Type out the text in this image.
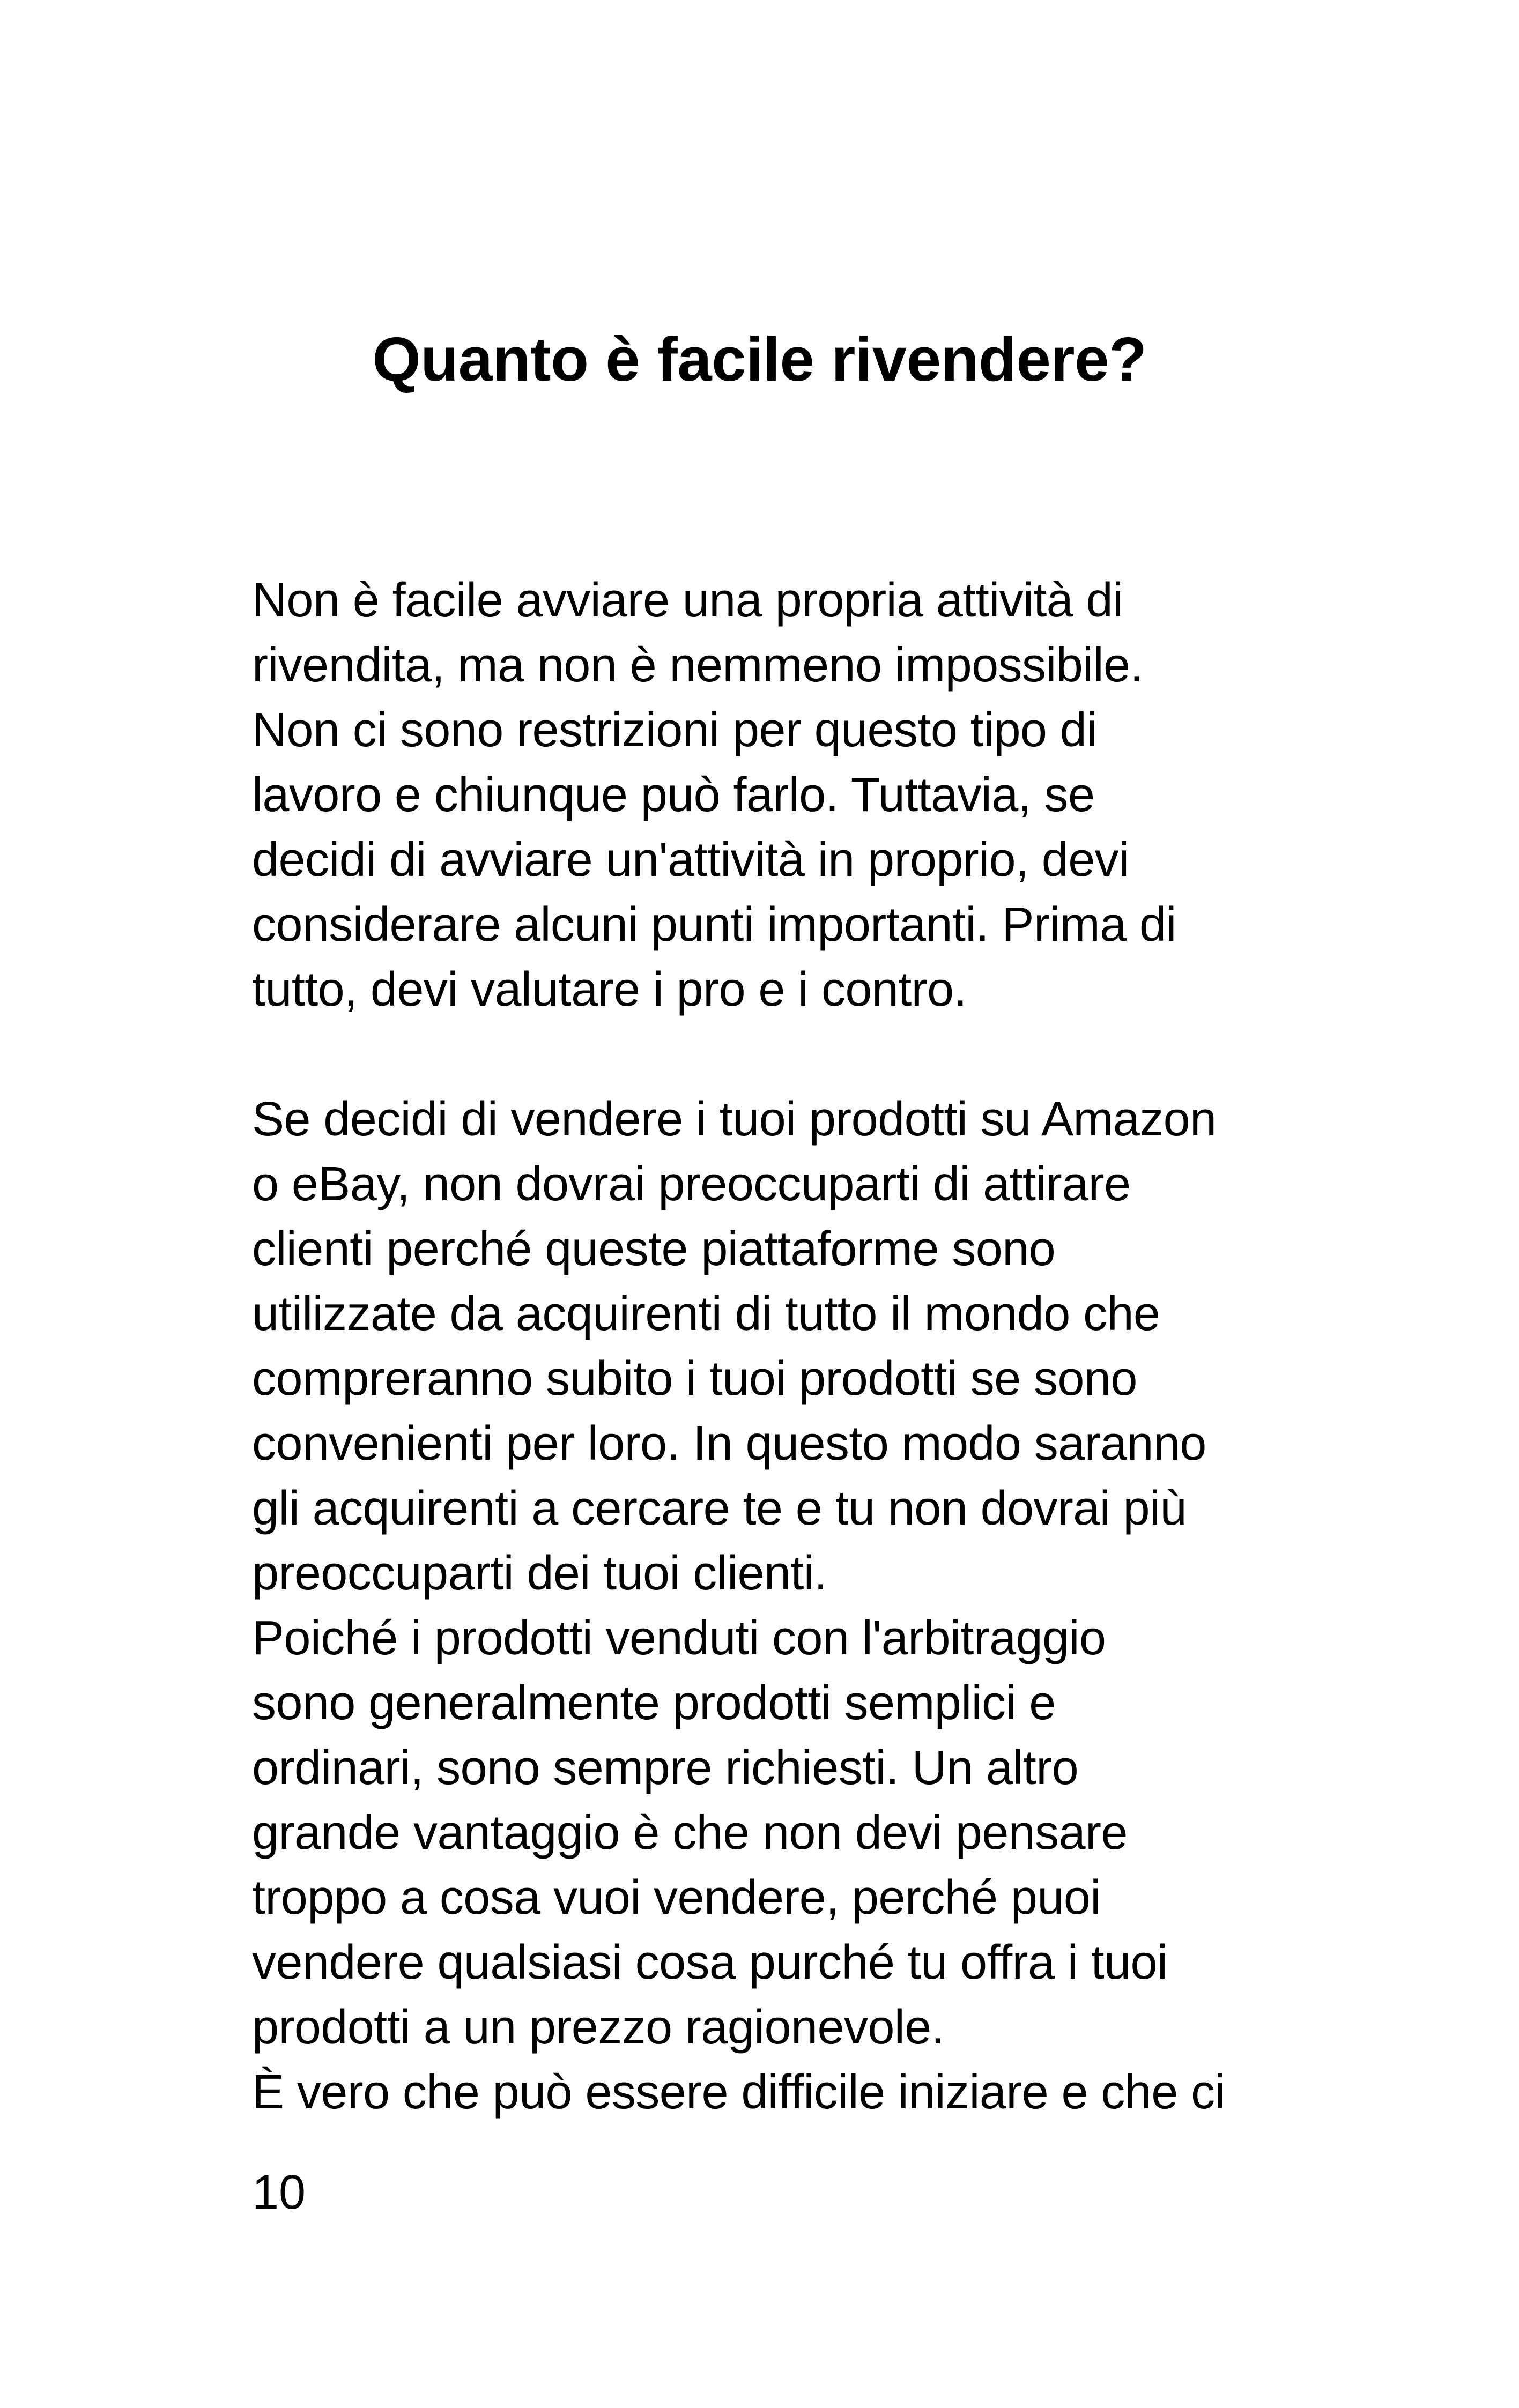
Quanto è facile rivendere?
Non è facile avviare una propria attività di
rivendita, ma non è nemmeno impossibile.
Non ci sono restrizioni per questo tipo di
lavoro e chiunque può farlo. Tuttavia, se
decidi di avviare un'attività in proprio, devi
considerare alcuni punti importanti. Prima di
tutto, devi valutare i pro e i contro.
Se decidi di vendere i tuoi prodotti su Amazon
o eBay, non dovrai preoccuparti di attirare
clienti perché queste piattaforme sono
utilizzate da acquirenti di tutto il mondo che
compreranno subito i tuoi prodotti se sono
convenienti per loro. In questo modo saranno
gli acquirenti a cercare te e tu non dovrai più
preoccuparti dei tuoi clienti.
Poiché i prodotti venduti con l'arbitraggio
sono generalmente prodotti semplici e
ordinari, sono sempre richiesti. Un altro
grande vantaggio è che non devi pensare
troppo a cosa vuoi vendere, perché puoi
vendere qualsiasi cosa purché tu offra i tuoi
prodotti a un prezzo ragionevole.
È vero che può essere difficile iniziare e che ci
10
